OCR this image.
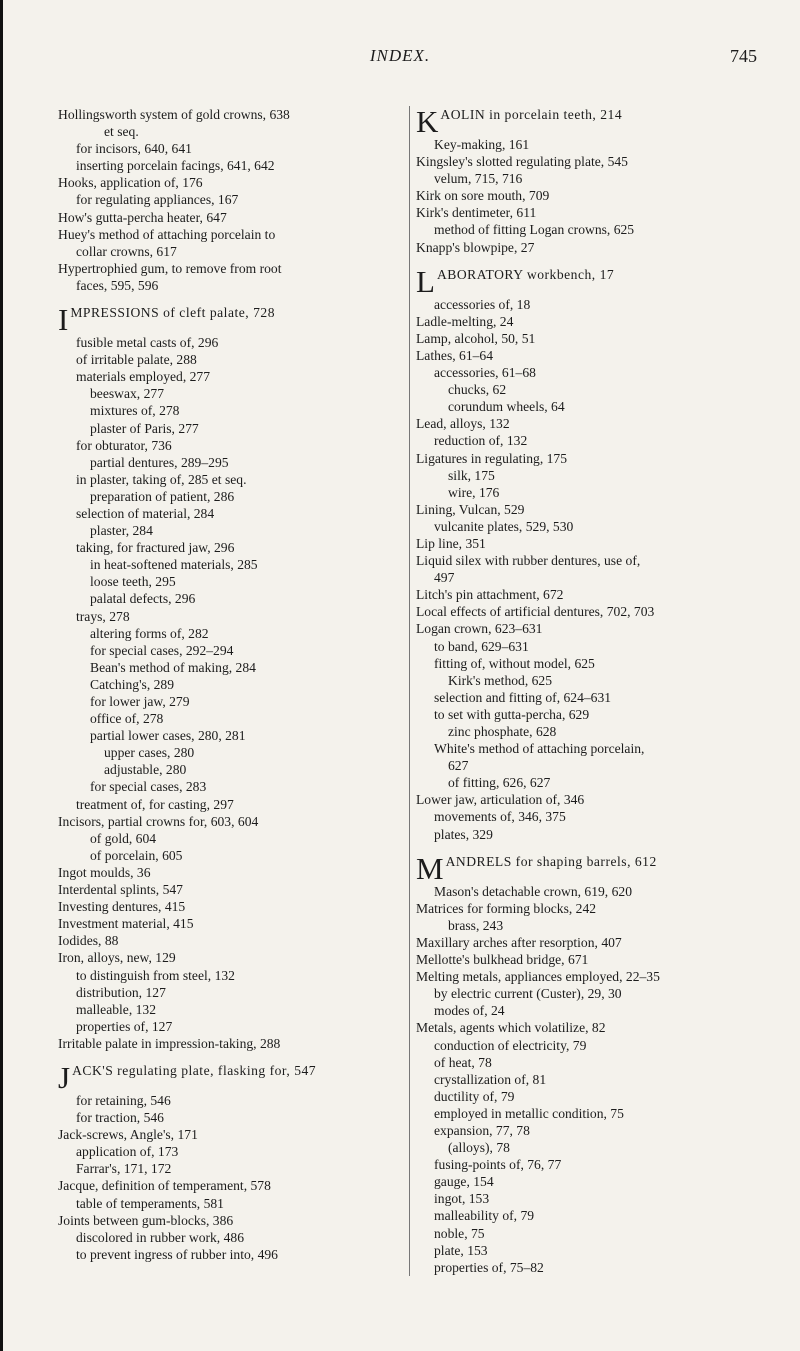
INDEX.	745
Hollingsworth system of gold crowns, 638
et seq.
for incisors, 640, 641
inserting porcelain facings, 641, 642
Hooks, application of, 176
for regulating appliances, 167
How's gutta-percha heater, 647
Huey's method of attaching porcelain to
collar crowns, 617
Hypertrophied gum, to remove from root
faces, 595, 596
IMPRESSIONS of cleft palate, 728
fusible metal casts of, 296
of irritable palate, 288
materials employed, 277
beeswax, 277
mixtures of, 278
plaster of Paris, 277
for obturator, 736
partial dentures, 289–295
in plaster, taking of, 285 et seq.
preparation of patient, 286
selection of material, 284
plaster, 284
taking, for fractured jaw, 296
in heat-softened materials, 285
loose teeth, 295
palatal defects, 296
trays, 278
altering forms of, 282
for special cases, 292–294
Bean's method of making, 284
Catching's, 289
for lower jaw, 279
office of, 278
partial lower cases, 280, 281
upper cases, 280
adjustable, 280
for special cases, 283
treatment of, for casting, 297
Incisors, partial crowns for, 603, 604
of gold, 604
of porcelain, 605
Ingot moulds, 36
Interdental splints, 547
Investing dentures, 415
Investment material, 415
Iodides, 88
Iron, alloys, new, 129
to distinguish from steel, 132
distribution, 127
malleable, 132
properties of, 127
Irritable palate in impression-taking, 288
JACK'S regulating plate, flasking for, 547
for retaining, 546
for traction, 546
Jack-screws, Angle's, 171
application of, 173
Farrar's, 171, 172
Jacque, definition of temperament, 578
table of temperaments, 581
Joints between gum-blocks, 386
discolored in rubber work, 486
to prevent ingress of rubber into, 496
KAOLIN in porcelain teeth, 214
Key-making, 161
Kingsley's slotted regulating plate, 545
velum, 715, 716
Kirk on sore mouth, 709
Kirk's dentimeter, 611
method of fitting Logan crowns, 625
Knapp's blowpipe, 27
LABORATORY workbench, 17
accessories of, 18
Ladle-melting, 24
Lamp, alcohol, 50, 51
Lathes, 61–64
accessories, 61–68
chucks, 62
corundum wheels, 64
Lead, alloys, 132
reduction of, 132
Ligatures in regulating, 175
silk, 175
wire, 176
Lining, Vulcan, 529
vulcanite plates, 529, 530
Lip line, 351
Liquid silex with rubber dentures, use of,
497
Litch's pin attachment, 672
Local effects of artificial dentures, 702, 703
Logan crown, 623–631
to band, 629–631
fitting of, without model, 625
Kirk's method, 625
selection and fitting of, 624–631
to set with gutta-percha, 629
zinc phosphate, 628
White's method of attaching porcelain,
627
of fitting, 626, 627
Lower jaw, articulation of, 346
movements of, 346, 375
plates, 329
MANDRELS for shaping barrels, 612
Mason's detachable crown, 619, 620
Matrices for forming blocks, 242
brass, 243
Maxillary arches after resorption, 407
Mellotte's bulkhead bridge, 671
Melting metals, appliances employed, 22–35
by electric current (Custer), 29, 30
modes of, 24
Metals, agents which volatilize, 82
conduction of electricity, 79
of heat, 78
crystallization of, 81
ductility of, 79
employed in metallic condition, 75
expansion, 77, 78
(alloys), 78
fusing-points of, 76, 77
gauge, 154
ingot, 153
malleability of, 79
noble, 75
plate, 153
properties of, 75–82
